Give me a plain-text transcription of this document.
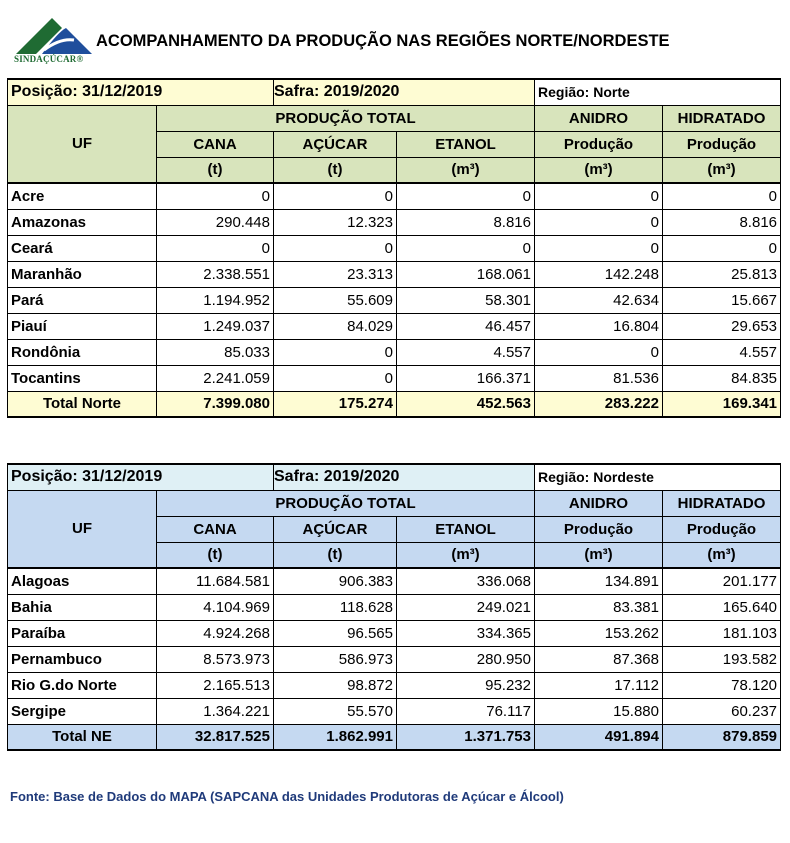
SINDAÇÚCAR®
ACOMPANHAMENTO DA PRODUÇÃO NAS REGIÕES NORTE/NORDESTE
Posição: 31/12/2019		Safra: 2019/2020		Região: Norte	
UF	PRODUÇÃO TOTAL			ANIDRO	HIDRATADO
	CANA	AÇÚCAR	ETANOL	Produção	Produção
	(t)	(t)	(m³)	(m³)	(m³)
Acre	0	0	0	0	0
Amazonas	290.448	12.323	8.816	0	8.816
Ceará	0	0	0	0	0
Maranhão	2.338.551	23.313	168.061	142.248	25.813
Pará	1.194.952	55.609	58.301	42.634	15.667
Piauí	1.249.037	84.029	46.457	16.804	29.653
Rondônia	85.033	0	4.557	0	4.557
Tocantins	2.241.059	0	166.371	81.536	84.835
Total Norte	7.399.080	175.274	452.563	283.222	169.341
Posição: 31/12/2019		Safra: 2019/2020		Região: Nordeste	
UF	PRODUÇÃO TOTAL			ANIDRO	HIDRATADO
	CANA	AÇÚCAR	ETANOL	Produção	Produção
	(t)	(t)	(m³)	(m³)	(m³)
Alagoas	11.684.581	906.383	336.068	134.891	201.177
Bahia	4.104.969	118.628	249.021	83.381	165.640
Paraíba	4.924.268	96.565	334.365	153.262	181.103
Pernambuco	8.573.973	586.973	280.950	87.368	193.582
Rio G.do Norte	2.165.513	98.872	95.232	17.112	78.120
Sergipe	1.364.221	55.570	76.117	15.880	60.237
Total NE	32.817.525	1.862.991	1.371.753	491.894	879.859
Fonte: Base de Dados do MAPA (SAPCANA das Unidades Produtoras de Açúcar e Álcool)
